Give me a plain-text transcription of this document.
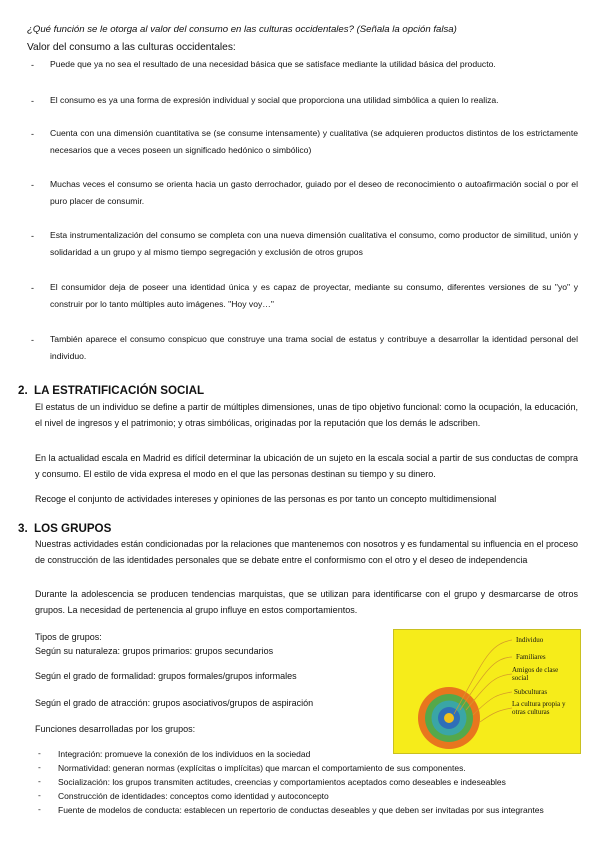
¿Qué función se le otorga al valor del consumo en las culturas occidentales? (Señala la opción falsa)
Valor del consumo a las culturas occidentales:
- Puede que ya no sea el resultado de una necesidad básica que se satisface mediante la utilidad básica del producto.
- El consumo es ya una forma de expresión individual y social que proporciona una utilidad simbólica a quien lo realiza.
- Cuenta con una dimensión cuantitativa se (se consume intensamente) y cualitativa (se adquieren productos distintos de los estrictamente necesarios que a veces poseen un significado hedónico o simbólico)
- Muchas veces el consumo se orienta hacia un gasto derrochador, guiado por el deseo de reconocimiento o autoafirmación social o por el puro placer de consumir.
- Esta instrumentalización del consumo se completa con una nueva dimensión cualitativa el consumo, como productor de similitud, unión y solidaridad a un grupo y al mismo tiempo segregación y exclusión de otros grupos
- El consumidor deja de poseer una identidad única y es capaz de proyectar, mediante su consumo, diferentes versiones de su "yo" y construir por lo tanto múltiples auto imágenes. "Hoy voy…"
- También aparece el consumo conspicuo que construye una trama social de estatus y contribuye a desarrollar la identidad personal del individuo.
2. LA ESTRATIFICACIÓN SOCIAL
El estatus de un individuo se define a partir de múltiples dimensiones, unas de tipo objetivo funcional: como la ocupación, la educación, el nivel de ingresos y el patrimonio; y otras simbólicas, originadas por la reputación que los demás le adscriben.
En la actualidad escala en Madrid es difícil determinar la ubicación de un sujeto en la escala social a partir de sus conductas de compra y consumo. El estilo de vida expresa el modo en el que las personas destinan su tiempo y su dinero.
Recoge el conjunto de actividades intereses y opiniones de las personas es por tanto un concepto multidimensional
3. LOS GRUPOS
Nuestras actividades están condicionadas por la relaciones que mantenemos con nosotros y es fundamental su influencia en el proceso de construcción de las identidades personales que se debate entre el conformismo con el otro y el deseo de independencia
Durante la adolescencia se producen tendencias marquistas, que se utilizan para identificarse con el grupo y desmarcarse de otros grupos. La necesidad de pertenencia al grupo influye en estos comportamientos.
Tipos de grupos:
Según su naturaleza: grupos primarios: grupos secundarios
Según el grado de formalidad: grupos formales/grupos informales
Según el grado de atracción: grupos asociativos/grupos de aspiración
Funciones desarrolladas por los grupos:
- Integración: promueve la conexión de los individuos en la sociedad
- Normatividad: generan normas (explícitas o implícitas) que marcan el comportamiento de sus componentes.
- Socialización: los grupos transmiten actitudes, creencias y comportamientos aceptados como deseables e indeseables
- Construcción de identidades: conceptos como identidad y autoconcepto
- Fuente de modelos de conducta: establecen un repertorio de conductas deseables y que deben ser invitadas por sus integrantes
Individuo
Familiares
Amigos de clase social
Subculturas
La cultura propia y otras culturas
